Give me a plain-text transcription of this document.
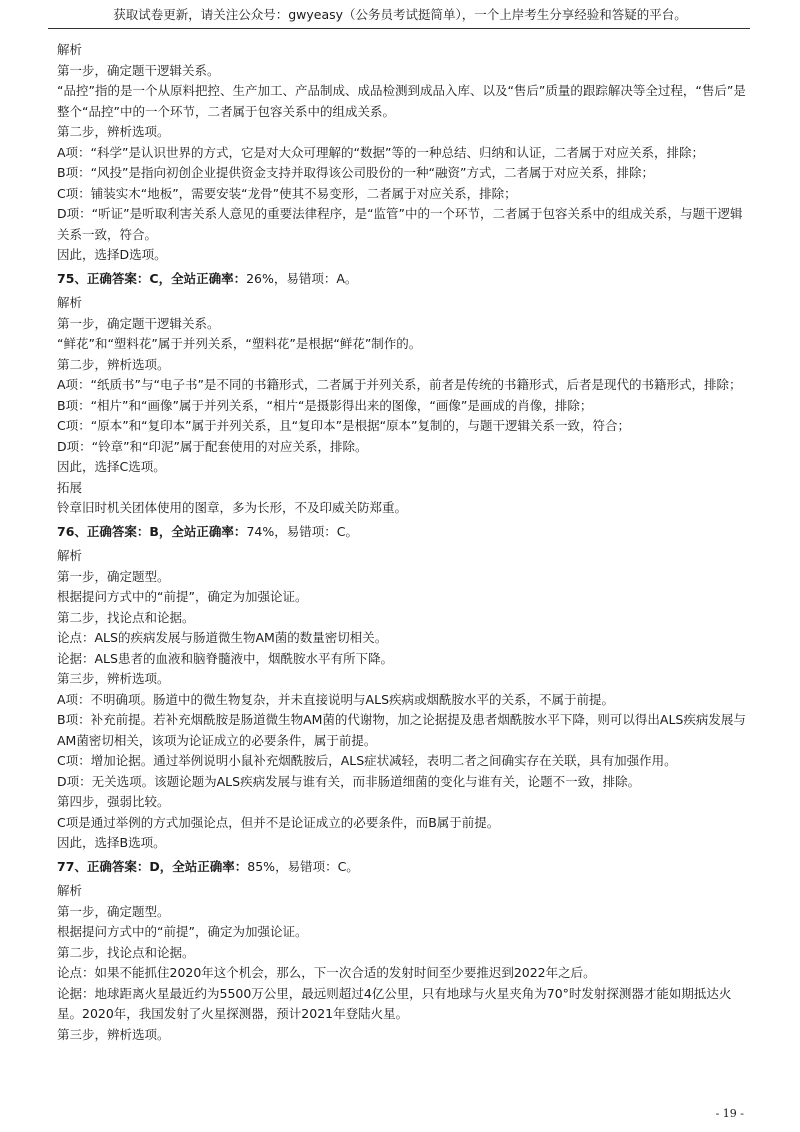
获取试卷更新，请关注公众号：gwyeasy（公务员考试挺简单），一个上岸考生分享经验和答疑的平台。

解析

第一步，确定题干逻辑关系。

“品控”指的是一个从原料把控、生产加工、产品制成、成品检测到成品入库、以及“售后”质量的跟踪解决等全过程，“售后”是整个“品控”中的一个环节，二者属于包容关系中的组成关系。

第二步，辨析选项。

A项：“科学”是认识世界的方式，它是对大众可理解的“数据”等的一种总结、归纳和认证，二者属于对应关系，排除；

B项：“风投”是指向初创企业提供资金支持并取得该公司股份的一种“融资”方式，二者属于对应关系，排除；

C项：铺装实木“地板”，需要安装“龙骨”使其不易变形，二者属于对应关系，排除；

D项：“听证”是听取利害关系人意见的重要法律程序，是“监管”中的一个环节，二者属于包容关系中的组成关系，与题干逻辑关系一致，符合。

因此，选择D选项。

75、正确答案：C，全站正确率：26%，易错项：A。

解析

第一步，确定题干逻辑关系。

“鲜花”和“塑料花”属于并列关系，“塑料花”是根据“鲜花”制作的。

第二步，辨析选项。

A项：“纸质书”与“电子书”是不同的书籍形式，二者属于并列关系，前者是传统的书籍形式，后者是现代的书籍形式，排除；

B项：“相片”和“画像”属于并列关系，“相片“是摄影得出来的图像，“画像”是画成的肖像，排除；

C项：“原本”和“复印本”属于并列关系，且“复印本”是根据“原本”复制的，与题干逻辑关系一致，符合；

D项：“铃章”和“印泥”属于配套使用的对应关系，排除。

因此，选择C选项。

拓展

铃章旧时机关团体使用的图章，多为长形，不及印威关防郑重。

76、正确答案：B，全站正确率：74%，易错项：C。

解析

第一步，确定题型。

根据提问方式中的“前提”，确定为加强论证。

第二步，找论点和论据。

论点：ALS的疾病发展与肠道微生物AM菌的数量密切相关。

论据：ALS患者的血液和脑脊髓液中，烟酰胺水平有所下降。

第三步，辨析选项。

A项：不明确项。肠道中的微生物复杂，并未直接说明与ALS疾病或烟酰胺水平的关系，不属于前提。

B项：补充前提。若补充烟酰胺是肠道微生物AM菌的代谢物，加之论据提及患者烟酰胺水平下降，则可以得出ALS疾病发展与AM菌密切相关，该项为论证成立的必要条件，属于前提。

C项：增加论据。通过举例说明小鼠补充烟酰胺后，ALS症状减轻，表明二者之间确实存在关联，具有加强作用。

D项：无关选项。该题论题为ALS疾病发展与谁有关，而非肠道细菌的变化与谁有关，论题不一致，排除。

第四步，强弱比较。

C项是通过举例的方式加强论点，但并不是论证成立的必要条件，而B属于前提。

因此，选择B选项。

77、正确答案：D，全站正确率：85%，易错项：C。

解析

第一步，确定题型。

根据提问方式中的“前提”，确定为加强论证。

第二步，找论点和论据。

论点：如果不能抓住2020年这个机会，那么，下一次合适的发射时间至少要推迟到2022年之后。

论据：地球距离火星最近约为5500万公里，最远则超过4亿公里，只有地球与火星夹角为70°时发射探测器才能如期抵达火星。2020年，我国发射了火星探测器，预计2021年登陆火星。

第三步，辨析选项。

- 19 -
